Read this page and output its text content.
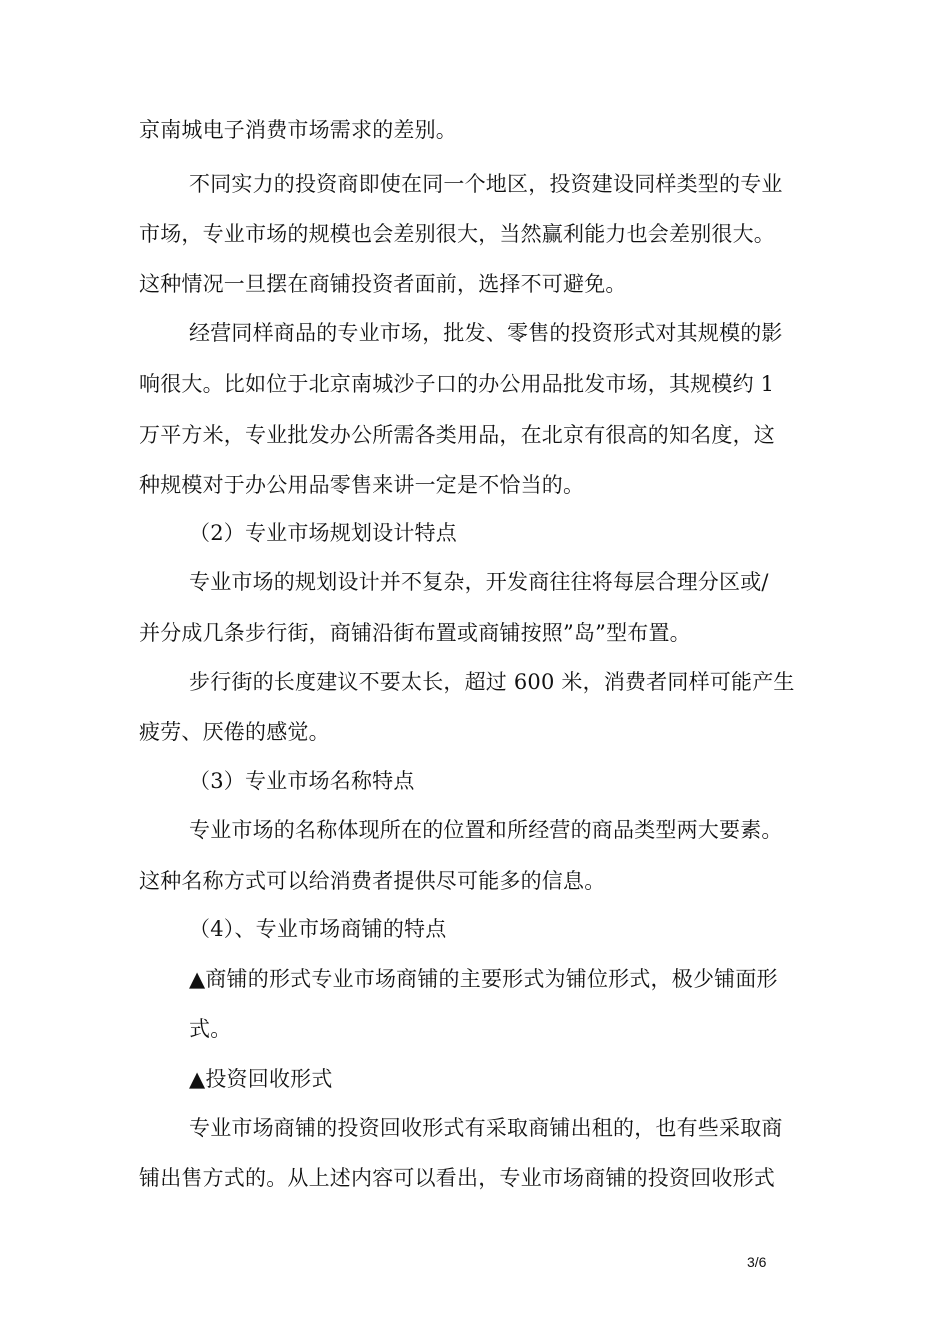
京南城电子消费市场需求的差别。
不同实力的投资商即使在同一个地区，投资建设同样类型的专业
市场，专业市场的规模也会差别很大，当然赢利能力也会差别很大。
这种情况一旦摆在商铺投资者面前，选择不可避免。
经营同样商品的专业市场，批发、零售的投资形式对其规模的影
响很大。比如位于北京南城沙子口的办公用品批发市场，其规模约 1
万平方米，专业批发办公所需各类用品，在北京有很高的知名度，这
种规模对于办公用品零售来讲一定是不恰当的。
（2）专业市场规划设计特点
专业市场的规划设计并不复杂，开发商往往将每层合理分区或/
并分成几条步行街，商铺沿街布置或商铺按照”岛”型布置。
步行街的长度建议不要太长，超过 600 米，消费者同样可能产生
疲劳、厌倦的感觉。
（3）专业市场名称特点
专业市场的名称体现所在的位置和所经营的商品类型两大要素。
这种名称方式可以给消费者提供尽可能多的信息。
（4）、专业市场商铺的特点
▲商铺的形式专业市场商铺的主要形式为铺位形式，极少铺面形
式。
▲投资回收形式
专业市场商铺的投资回收形式有采取商铺出租的，也有些采取商
铺出售方式的。从上述内容可以看出，专业市场商铺的投资回收形式
3/6
